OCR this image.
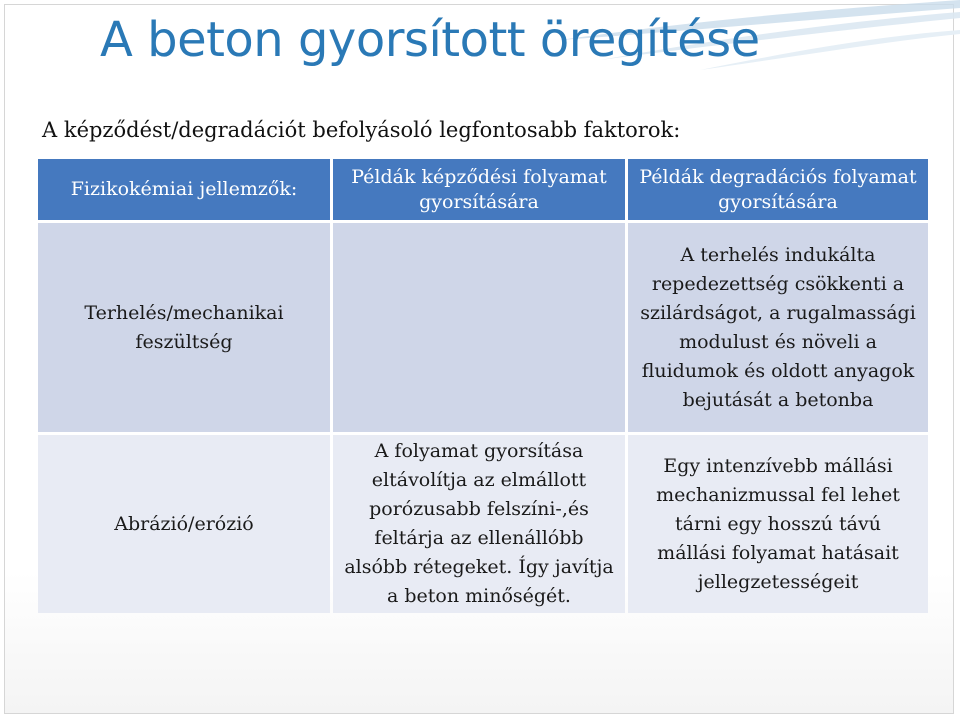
A beton gyorsított öregítése
A képződést/degradációt befolyásoló legfontosabb faktorok:
Fizikokémiai jellemzők:	Példák képződési folyamat gyorsítására	Példák degradációs folyamat gyorsítására
Terhelés/mechanikai feszültség		A terhelés indukálta repedezettség csökkenti a szilárdságot, a rugalmassági modulust és növeli a fluidumok és oldott anyagok bejutását a betonba
Abrázió/erózió	A folyamat gyorsítása eltávolítja az elmállott porózusabb felszíni-,és feltárja az ellenállóbb alsóbb rétegeket. Így javítja a beton minőségét.	Egy intenzívebb mállási mechanizmussal fel lehet tárni egy hosszú távú mállási folyamat hatásait jellegzetességeit
